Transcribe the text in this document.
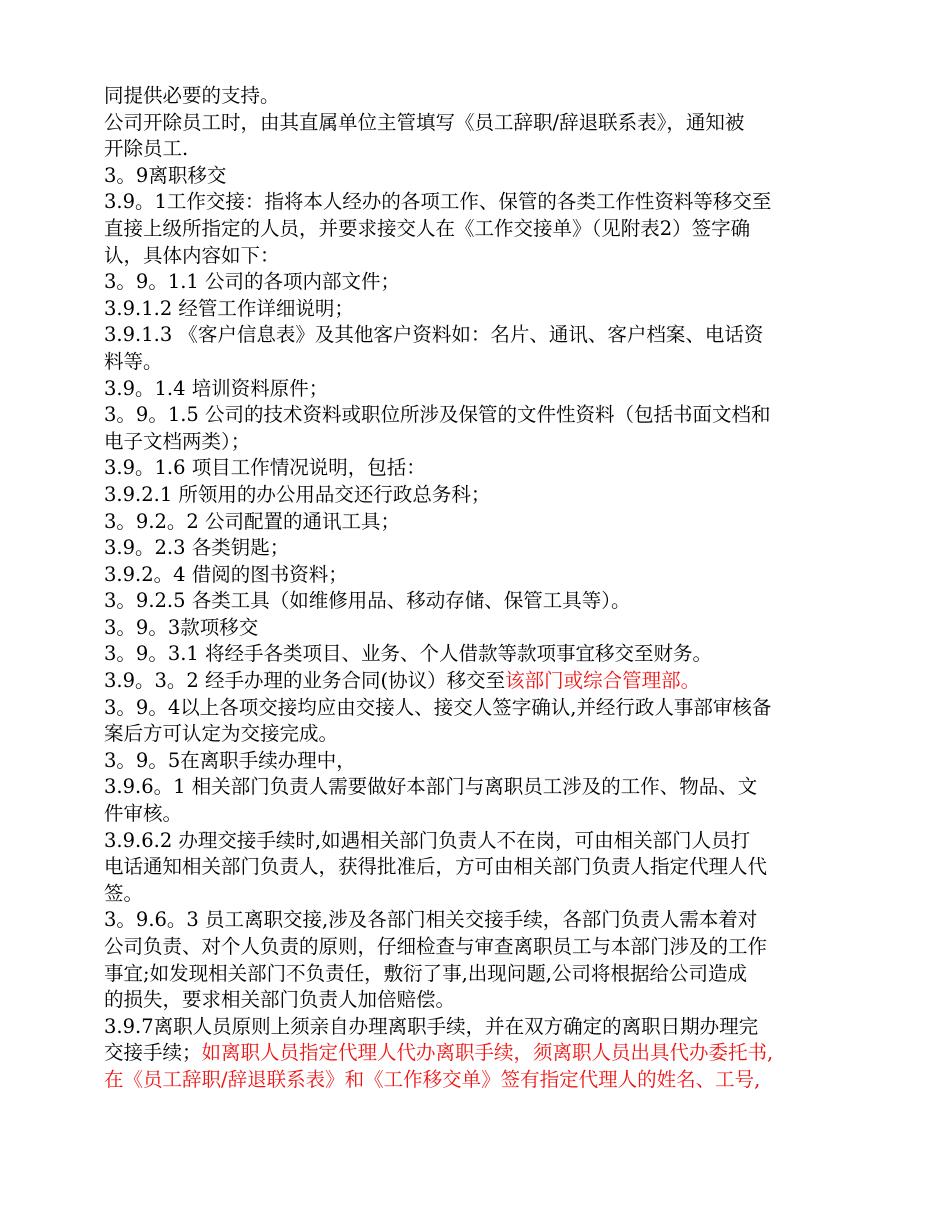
同提供必要的支持。
公司开除员工时，由其直属单位主管填写《员工辞职/辞退联系表》，通知被
开除员工.
3。9离职移交
3.9。1工作交接：指将本人经办的各项工作、保管的各类工作性资料等移交至
直接上级所指定的人员，并要求接交人在《工作交接单》（见附表2）签字确
认，具体内容如下：
3。9。1.1 公司的各项内部文件；
3.9.1.2 经管工作详细说明；
3.9.1.3 《客户信息表》及其他客户资料如：名片、通讯、客户档案、电话资
料等。
3.9。1.4 培训资料原件；
3。9。1.5 公司的技术资料或职位所涉及保管的文件性资料（包括书面文档和
电子文档两类）；
3.9。1.6 项目工作情况说明，包括：
3.9.2.1 所领用的办公用品交还行政总务科；
3。9.2。2 公司配置的通讯工具；
3.9。2.3 各类钥匙；
3.9.2。4 借阅的图书资料；
3。9.2.5 各类工具（如维修用品、移动存储、保管工具等）。
3。9。3款项移交
3。9。3.1 将经手各类项目、业务、个人借款等款项事宜移交至财务。
3.9。3。2 经手办理的业务合同(协议）移交至该部门或综合管理部。
3。9。4以上各项交接均应由交接人、接交人签字确认,并经行政人事部审核备
案后方可认定为交接完成。
3。9。5在离职手续办理中，
3.9.6。1 相关部门负责人需要做好本部门与离职员工涉及的工作、物品、文
件审核。
3.9.6.2 办理交接手续时,如遇相关部门负责人不在岗，可由相关部门人员打
电话通知相关部门负责人，获得批准后，方可由相关部门负责人指定代理人代
签。
3。9.6。3 员工离职交接,涉及各部门相关交接手续，各部门负责人需本着对
公司负责、对个人负责的原则，仔细检查与审查离职员工与本部门涉及的工作
事宜;如发现相关部门不负责任，敷衍了事,出现问题,公司将根据给公司造成
的损失，要求相关部门负责人加倍赔偿。
3.9.7离职人员原则上须亲自办理离职手续，并在双方确定的离职日期办理完
交接手续；如离职人员指定代理人代办离职手续，须离职人员出具代办委托书,
在《员工辞职/辞退联系表》和《工作移交单》签有指定代理人的姓名、工号,
